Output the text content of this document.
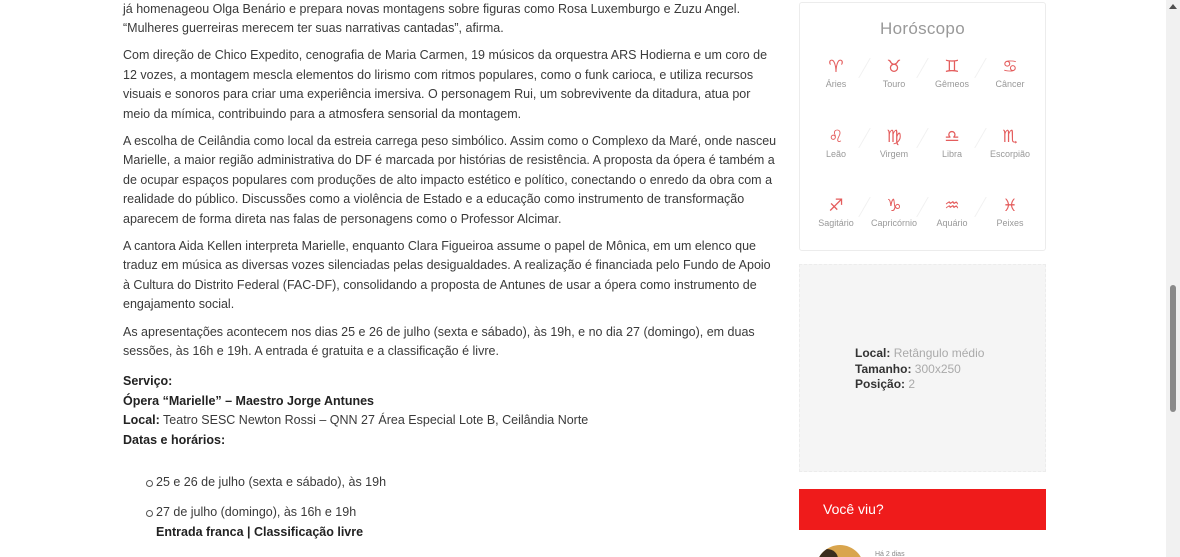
já homenageou Olga Benário e prepara novas montagens sobre figuras como Rosa Luxemburgo e Zuzu Angel. “Mulheres guerreiras merecem ter suas narrativas cantadas”, afirma.

Com direção de Chico Expedito, cenografia de Maria Carmen, 19 músicos da orquestra ARS Hodierna e um coro de 12 vozes, a montagem mescla elementos do lirismo com ritmos populares, como o funk carioca, e utiliza recursos visuais e sonoros para criar uma experiência imersiva. O personagem Rui, um sobrevivente da ditadura, atua por meio da mímica, contribuindo para a atmosfera sensorial da montagem.

A escolha de Ceilândia como local da estreia carrega peso simbólico. Assim como o Complexo da Maré, onde nasceu Marielle, a maior região administrativa do DF é marcada por histórias de resistência. A proposta da ópera é também a de ocupar espaços populares com produções de alto impacto estético e político, conectando o enredo da obra com a realidade do público. Discussões como a violência de Estado e a educação como instrumento de transformação aparecem de forma direta nas falas de personagens como o Professor Alcimar.

A cantora Aida Kellen interpreta Marielle, enquanto Clara Figueiroa assume o papel de Mônica, em um elenco que traduz em música as diversas vozes silenciadas pelas desigualdades. A realização é financiada pelo Fundo de Apoio à Cultura do Distrito Federal (FAC-DF), consolidando a proposta de Antunes de usar a ópera como instrumento de engajamento social.

As apresentações acontecem nos dias 25 e 26 de julho (sexta e sábado), às 19h, e no dia 27 (domingo), em duas sessões, às 16h e 19h. A entrada é gratuita e a classificação é livre.

Serviço:
Ópera “Marielle” – Maestro Jorge Antunes
Local: Teatro SESC Newton Rossi – QNN 27 Área Especial Lote B, Ceilândia Norte
Datas e horários:
25 e 26 de julho (sexta e sábado), às 19h
27 de julho (domingo), às 16h e 19h
Entrada franca | Classificação livre
Horóscopo
♈
Áries
♉
Touro
♊
Gêmeos
♋
Câncer
♌
Leão
♍
Virgem
♎
Libra
♏
Escorpião
♐
Sagitário
♑
Capricórnio
♒
Aquário
♓
Peixes
Local: Retângulo médio
Tamanho: 300x250
Posição: 2
Você viu?
Há 2 dias
